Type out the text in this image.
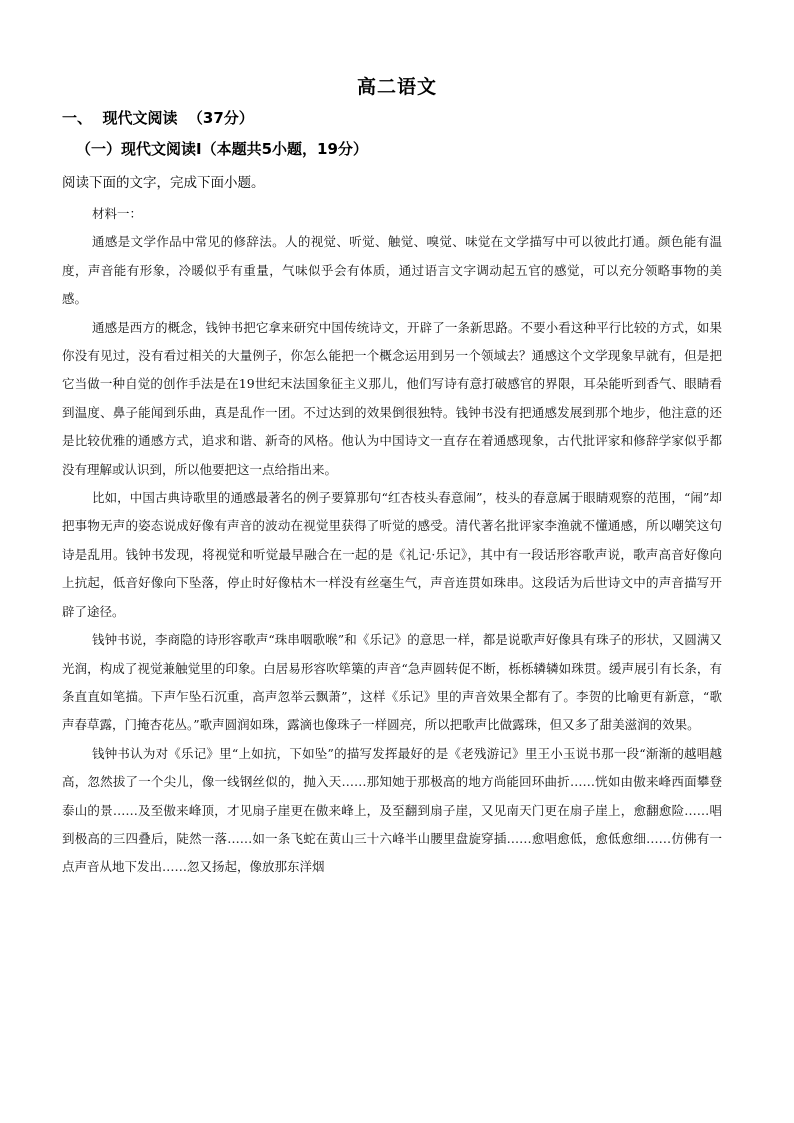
高二语文
一、  现代文阅读  （37分）
（一）现代文阅读Ⅰ（本题共5小题，19分）
阅读下面的文字，完成下面小题。

材料一：

通感是文学作品中常见的修辞法。人的视觉、听觉、触觉、嗅觉、味觉在文学描写中可以彼此打通。颜色能有温度，声音能有形象，冷暖似乎有重量，气味似乎会有体质，通过语言文字调动起五官的感觉，可以充分领略事物的美感。

通感是西方的概念，钱钟书把它拿来研究中国传统诗文，开辟了一条新思路。不要小看这种平行比较的方式，如果你没有见过，没有看过相关的大量例子，你怎么能把一个概念运用到另一个领域去？通感这个文学现象早就有，但是把它当做一种自觉的创作手法是在19世纪末法国象征主义那儿，他们写诗有意打破感官的界限，耳朵能听到香气、眼睛看到温度、鼻子能闻到乐曲，真是乱作一团。不过达到的效果倒很独特。钱钟书没有把通感发展到那个地步，他注意的还是比较优雅的通感方式，追求和谐、新奇的风格。他认为中国诗文一直存在着通感现象，古代批评家和修辞学家似乎都没有理解或认识到，所以他要把这一点给指出来。

比如，中国古典诗歌里的通感最著名的例子要算那句“红杏枝头春意闹”，枝头的春意属于眼睛观察的范围，“闹”却把事物无声的姿态说成好像有声音的波动在视觉里获得了听觉的感受。清代著名批评家李渔就不懂通感，所以嘲笑这句诗是乱用。钱钟书发现，将视觉和听觉最早融合在一起的是《礼记·乐记》，其中有一段话形容歌声说，歌声高音好像向上抗起，低音好像向下坠落，停止时好像枯木一样没有丝毫生气，声音连贯如珠串。这段话为后世诗文中的声音描写开辟了途径。

钱钟书说，李商隐的诗形容歌声“珠串咽歌喉”和《乐记》的意思一样，都是说歌声好像具有珠子的形状，又圆满又光润，构成了视觉兼触觉里的印象。白居易形容吹筚篥的声音“急声圆转促不断，栎栎辚辚如珠贯。缓声展引有长条，有条直直如笔描。下声乍坠石沉重，高声忽举云飘萧”，这样《乐记》里的声音效果全都有了。李贺的比喻更有新意，“歌声春草露，门掩杏花丛。”歌声圆润如珠，露滴也像珠子一样圆亮，所以把歌声比做露珠，但又多了甜美滋润的效果。

钱钟书认为对《乐记》里“上如抗，下如坠”的描写发挥最好的是《老残游记》里王小玉说书那一段“渐渐的越唱越高，忽然拔了一个尖儿，像一线钢丝似的，抛入天……那知她于那极高的地方尚能回环曲折……恍如由傲来峰西面攀登泰山的景……及至傲来峰顶，才见扇子崖更在傲来峰上，及至翻到扇子崖，又见南天门更在扇子崖上，愈翻愈险……唱到极高的三四叠后，陡然一落……如一条飞蛇在黄山三十六峰半山腰里盘旋穿插……愈唱愈低，愈低愈细……仿佛有一点声音从地下发出……忽又扬起，像放那东洋烟
